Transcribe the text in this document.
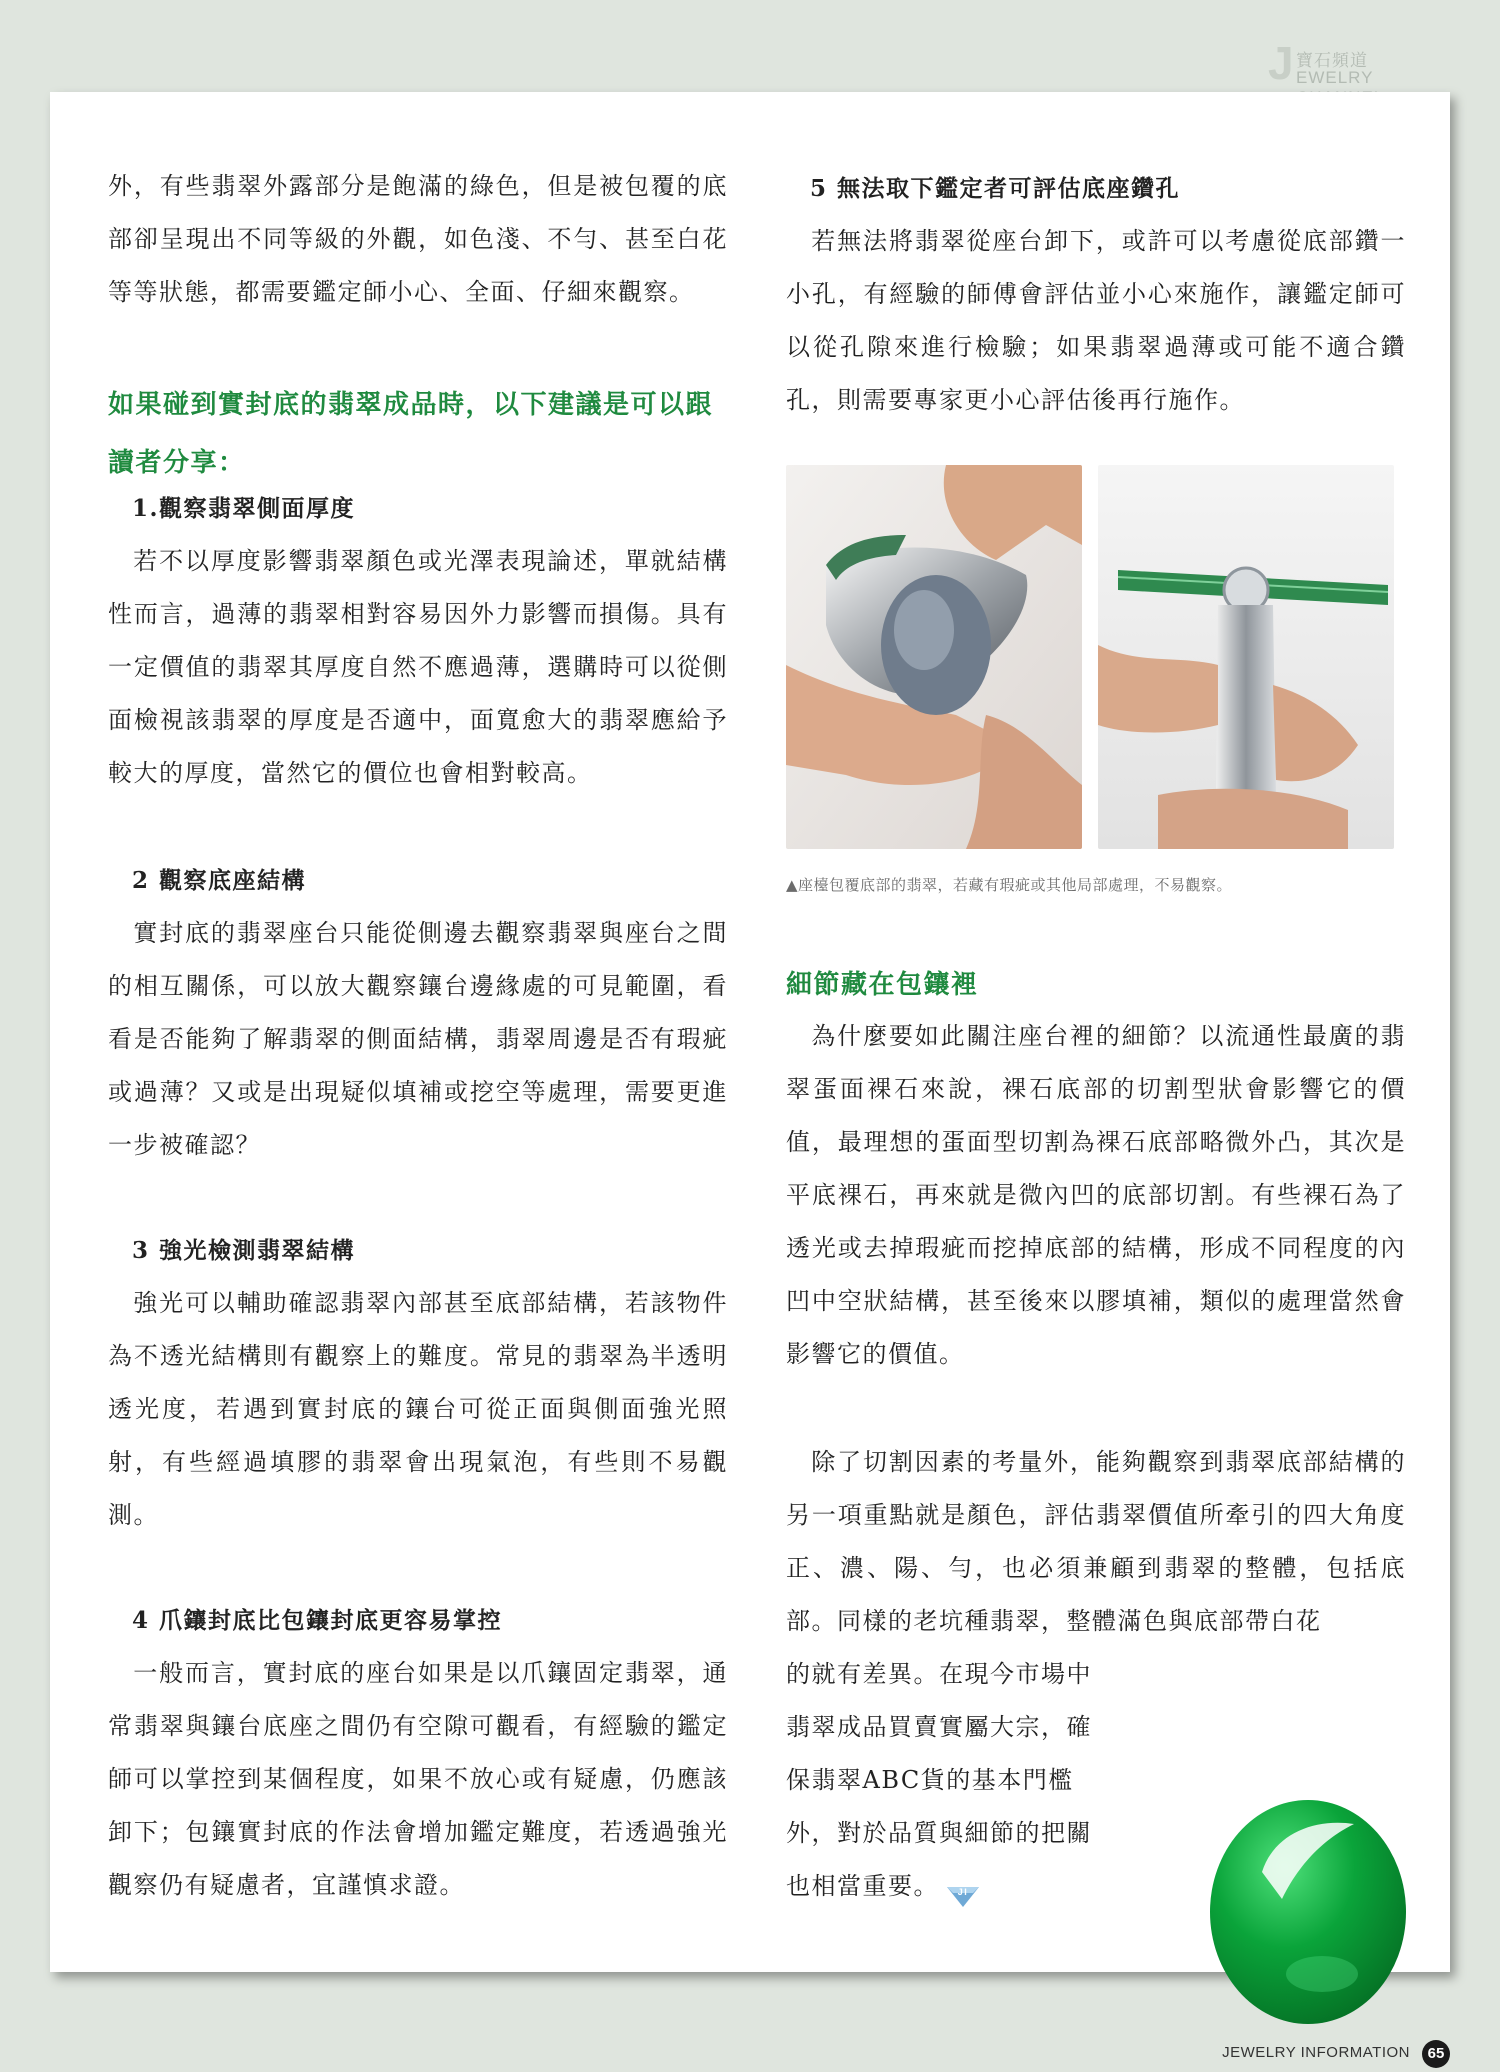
J 寶石頻道
EWELRY

外，有些翡翠外露部分是飽滿的綠色，但是被包覆的底部卻呈現出不同等級的外觀，如色淺、不勻、甚至白花等等狀態，都需要鑑定師小心、全面、仔細來觀察。

如果碰到實封底的翡翠成品時，以下建議是可以跟讀者分享：
1.觀察翡翠側面厚度

若不以厚度影響翡翠顏色或光澤表現論述，單就結構性而言，過薄的翡翠相對容易因外力影響而損傷。具有一定價值的翡翠其厚度自然不應過薄，選購時可以從側面檢視該翡翠的厚度是否適中，面寬愈大的翡翠應給予較大的厚度，當然它的價位也會相對較高。

2 觀察底座結構

實封底的翡翠座台只能從側邊去觀察翡翠與座台之間的相互關係，可以放大觀察鑲台邊緣處的可見範圍，看看是否能夠了解翡翠的側面結構，翡翠周邊是否有瑕疵或過薄？又或是出現疑似填補或挖空等處理，需要更進一步被確認？

3 強光檢測翡翠結構

強光可以輔助確認翡翠內部甚至底部結構，若該物件為不透光結構則有觀察上的難度。常見的翡翠為半透明透光度，若遇到實封底的鑲台可從正面與側面強光照射，有些經過填膠的翡翠會出現氣泡，有些則不易觀測。

4 爪鑲封底比包鑲封底更容易掌控

一般而言，實封底的座台如果是以爪鑲固定翡翠，通常翡翠與鑲台底座之間仍有空隙可觀看，有經驗的鑑定師可以掌控到某個程度，如果不放心或有疑慮，仍應該卸下；包鑲實封底的作法會增加鑑定難度，若透過強光觀察仍有疑慮者，宜謹慎求證。

5 無法取下鑑定者可評估底座鑽孔

若無法將翡翠從座台卸下，或許可以考慮從底部鑽一小孔，有經驗的師傅會評估並小心來施作，讓鑑定師可以從孔隙來進行檢驗；如果翡翠過薄或可能不適合鑽孔，則需要專家更小心評估後再行施作。

▲座檯包覆底部的翡翠，若藏有瑕疵或其他局部處理，不易觀察。
細節藏在包鑲裡

為什麼要如此關注座台裡的細節？以流通性最廣的翡翠蛋面裸石來說，裸石底部的切割型狀會影響它的價值，最理想的蛋面型切割為裸石底部略微外凸，其次是平底裸石，再來就是微內凹的底部切割。有些裸石為了透光或去掉瑕疵而挖掉底部的結構，形成不同程度的內凹中空狀結構，甚至後來以膠填補，類似的處理當然會影響它的價值。

除了切割因素的考量外，能夠觀察到翡翠底部結構的另一項重點就是顏色，評估翡翠價值所牽引的四大角度正、濃、陽、勻，也必須兼顧到翡翠的整體，包括底部。同樣的老坑種翡翠，整體滿色與底部帶白花

的就有差異。在現今市場中
翡翠成品買賣實屬大宗，確
保翡翠ABC貨的基本門檻
外，對於品質與細節的把關
也相當重要。 JI
JEWELRY INFORMATION	65
